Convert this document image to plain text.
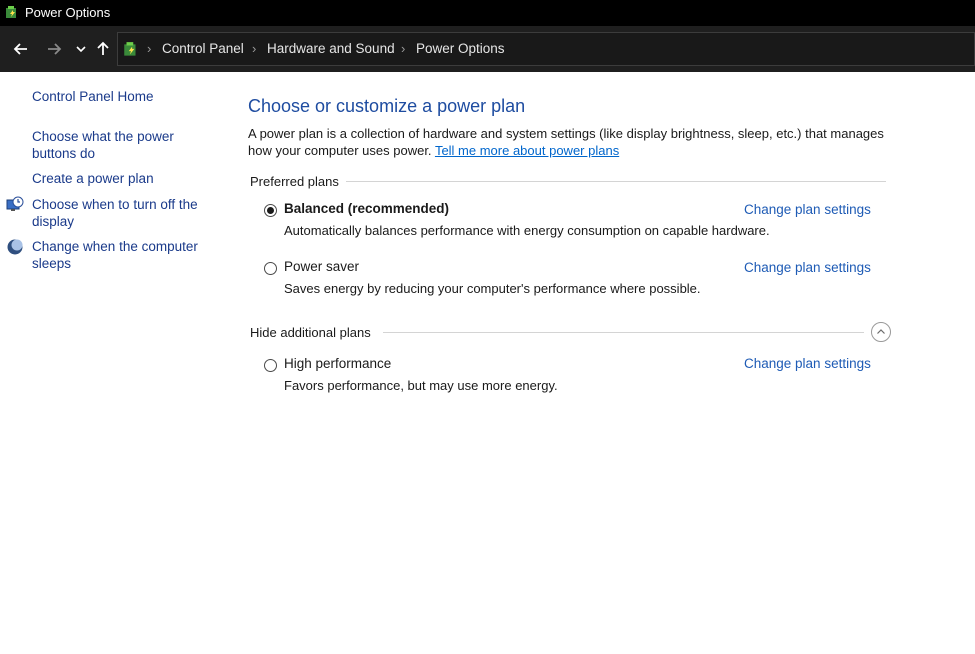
Power Options
› Control Panel › Hardware and Sound › Power Options
Control Panel Home
Choose what the power buttons do
Create a power plan
Choose when to turn off the display
Change when the computer sleeps
Choose or customize a power plan
A power plan is a collection of hardware and system settings (like display brightness, sleep, etc.) that manages how your computer uses power. Tell me more about power plans
Preferred plans
Balanced (recommended)	Change plan settings
Automatically balances performance with energy consumption on capable hardware.
Power saver	Change plan settings
Saves energy by reducing your computer's performance where possible.
Hide additional plans
High performance	Change plan settings
Favors performance, but may use more energy.
